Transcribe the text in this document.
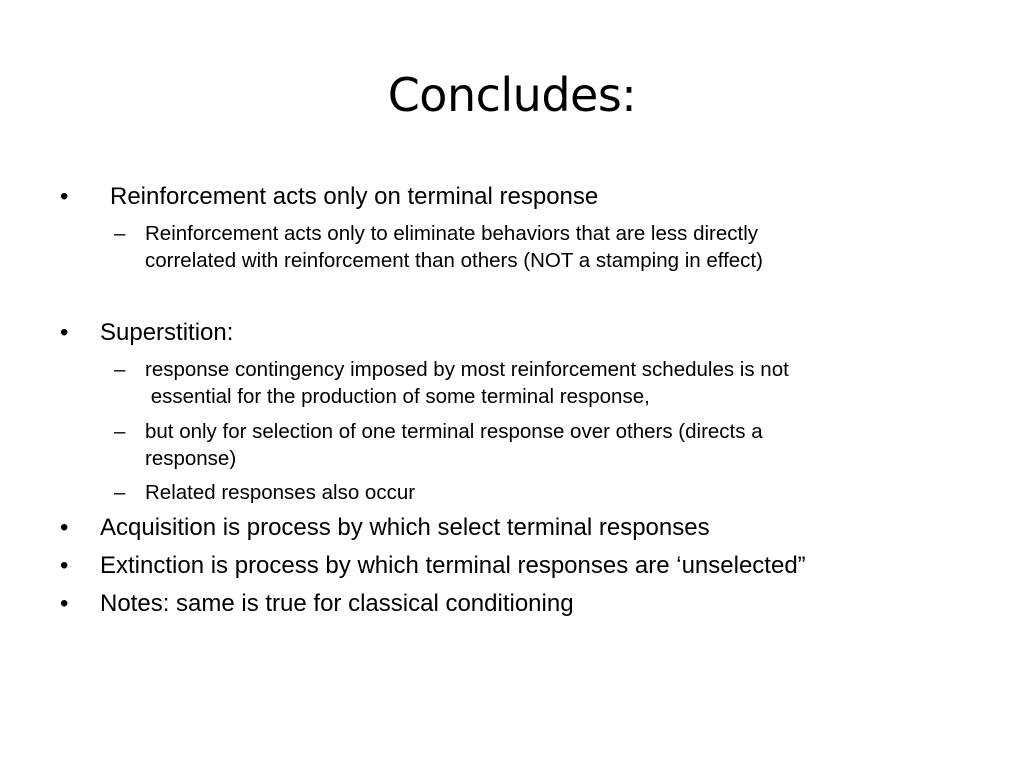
Concludes:
• Reinforcement acts only on terminal response
– Reinforcement acts only to eliminate behaviors that are less directly
correlated with reinforcement than others (NOT a stamping in effect)
• Superstition:
– response contingency imposed by most reinforcement schedules is not
essential for the production of some terminal response,
– but only for selection of one terminal response over others (directs a
response)
– Related responses also occur
• Acquisition is process by which select terminal responses
• Extinction is process by which terminal responses are ‘unselected”
• Notes: same is true for classical conditioning
